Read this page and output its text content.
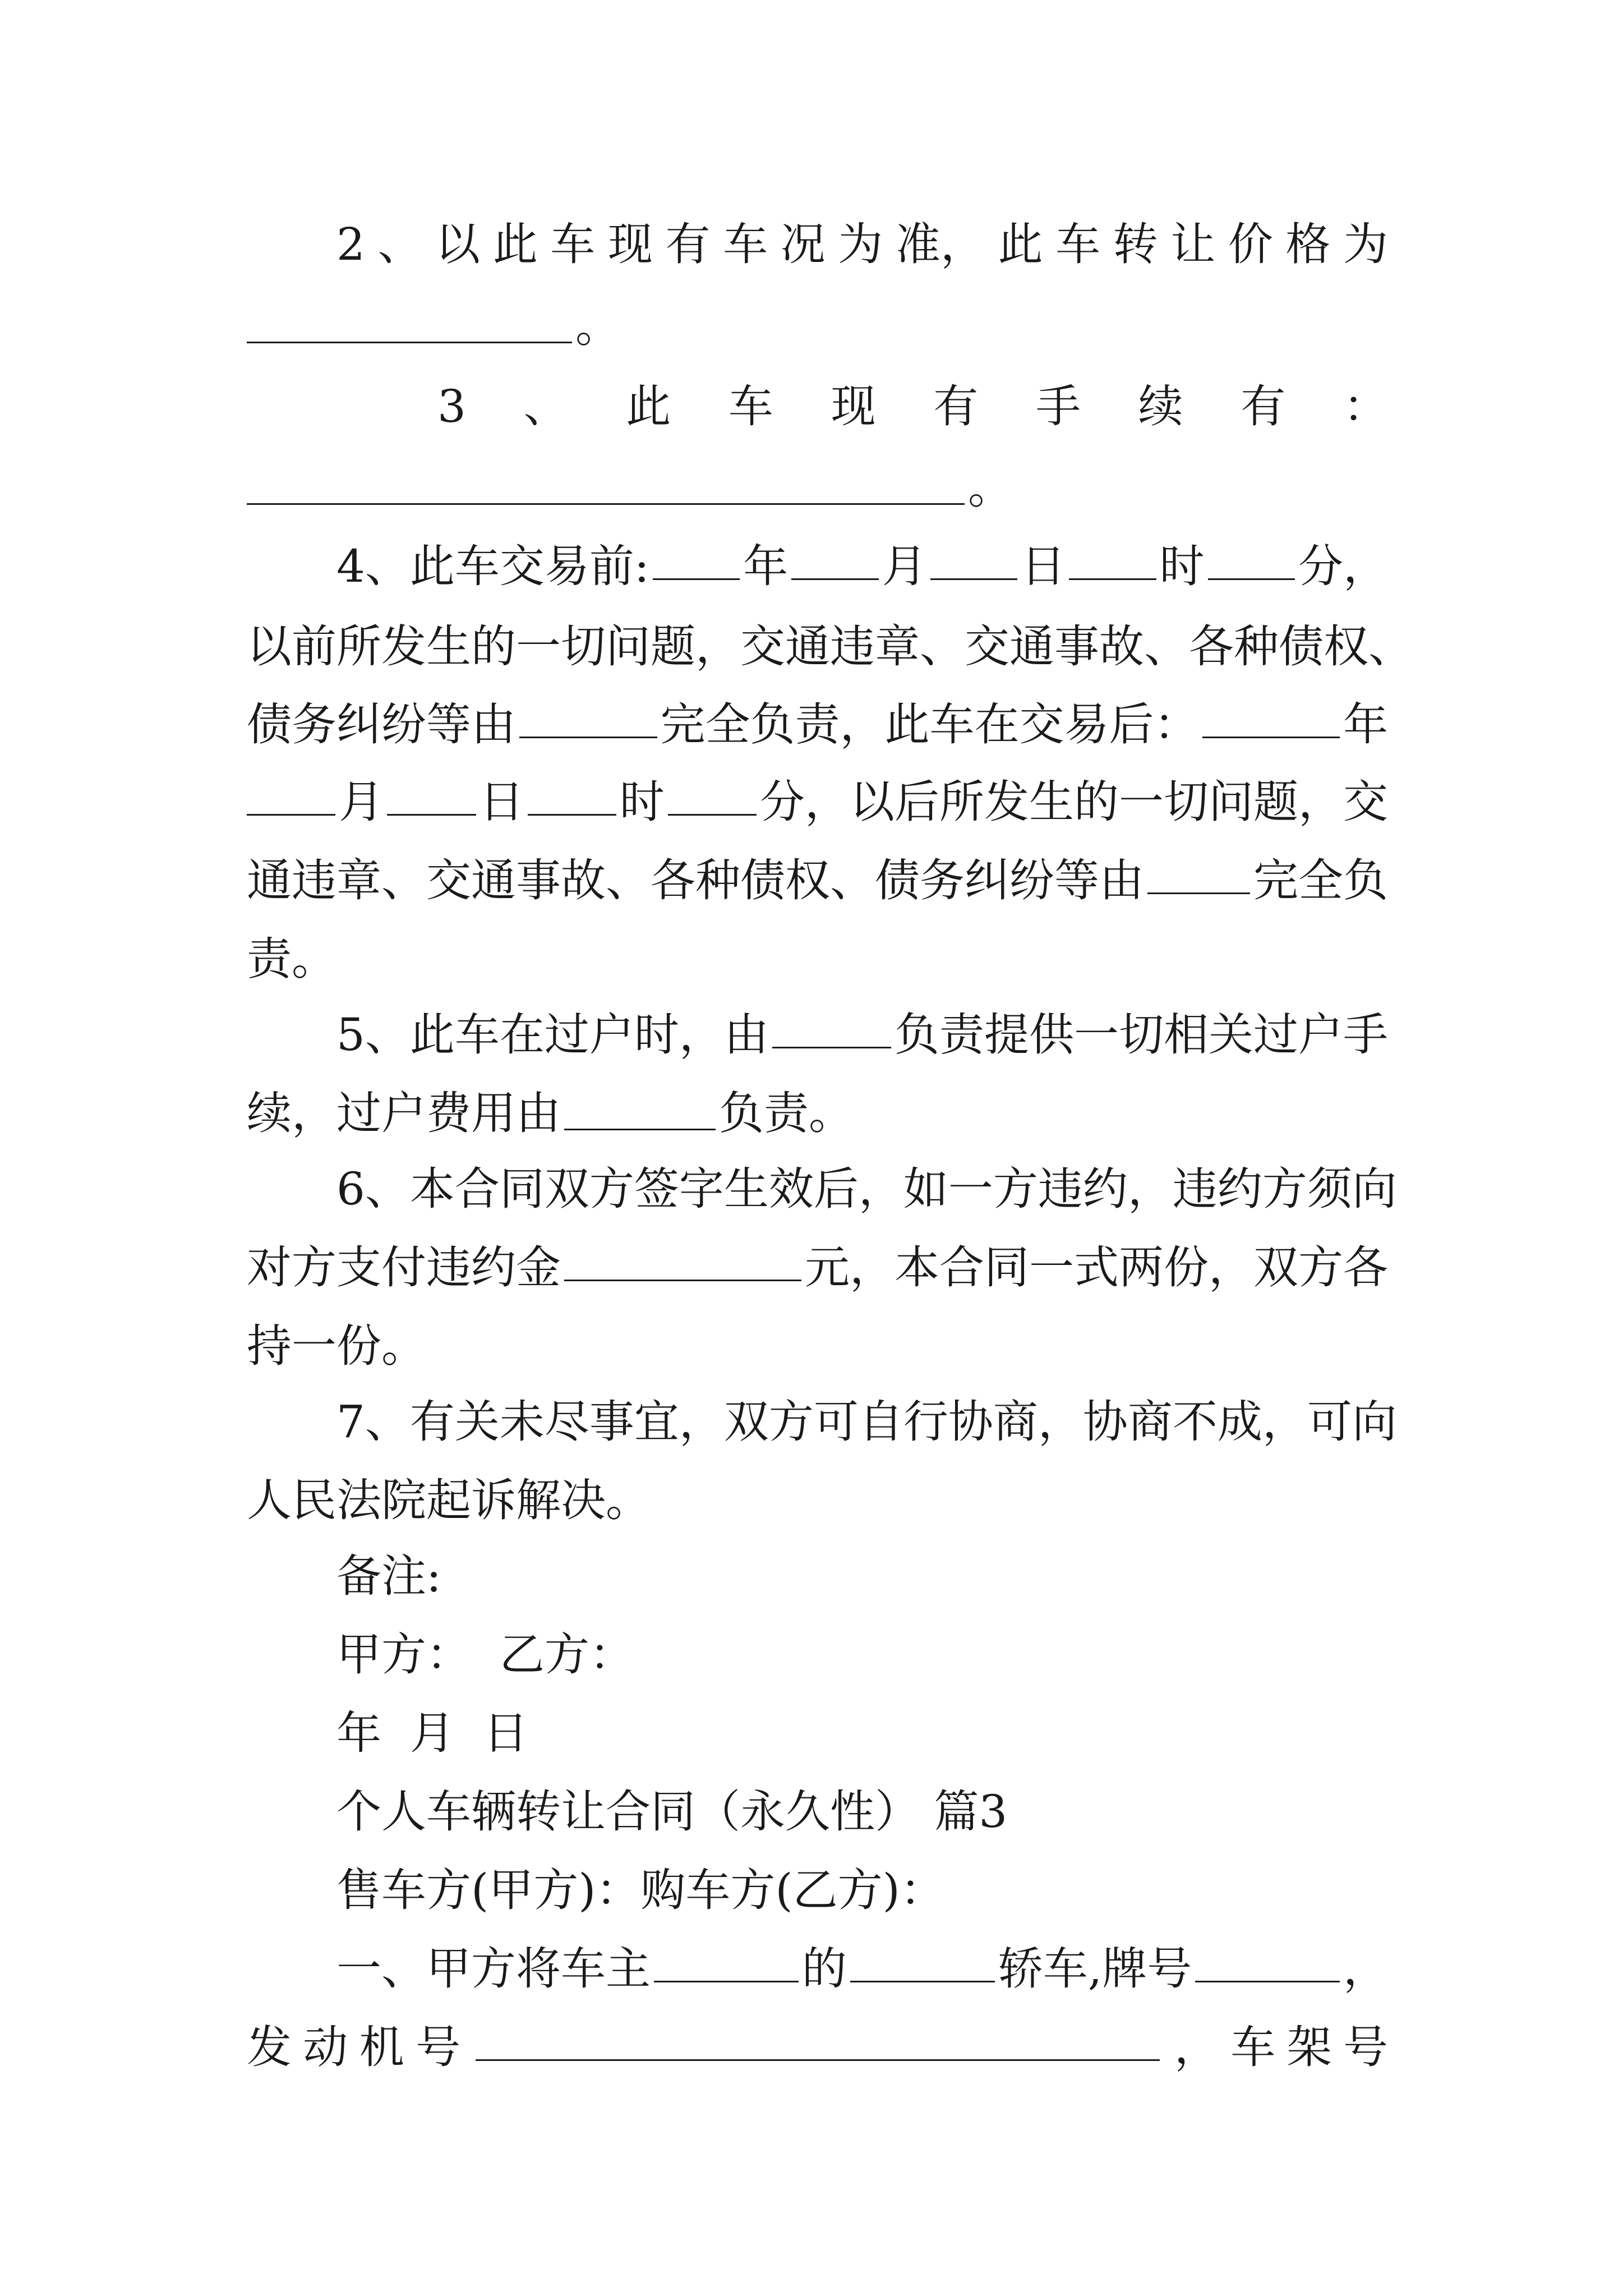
2 、 以 此 车 现 有 车 况 为 准， 此 车 转 让 价 格 为
。
3 、 此 车 现 有 手 续 有 ：
。
4、此车交易前: 年 月 日 时 分，
以前所发生的一切问题，交通违章、交通事故、各种债权、
债务纠纷等由	完全负责，此车在交易后：	年
月 日 时 分，以后所发生的一切问题，交
通违章、交通事故、各种债权、债务纠纷等由 完全负
责。
5、此车在过户时，由	负责提供一切相关过户手
续，过户费用由	负责。
6、本合同双方签字生效后，如一方违约，违约方须向
对方支付违约金	元，本合同一式两份，双方各
持一份。
7、有关未尽事宜，双方可自行协商，协商不成，可向
人民法院起诉解决。
备注:
甲方：  乙方：
年  月  日
个人车辆转让合同（永久性） 篇3
售车方(甲方)：购车方(乙方)：
一、甲方将车主	的	轿车,牌号	，
发 动 机 号	， 车 架 号
